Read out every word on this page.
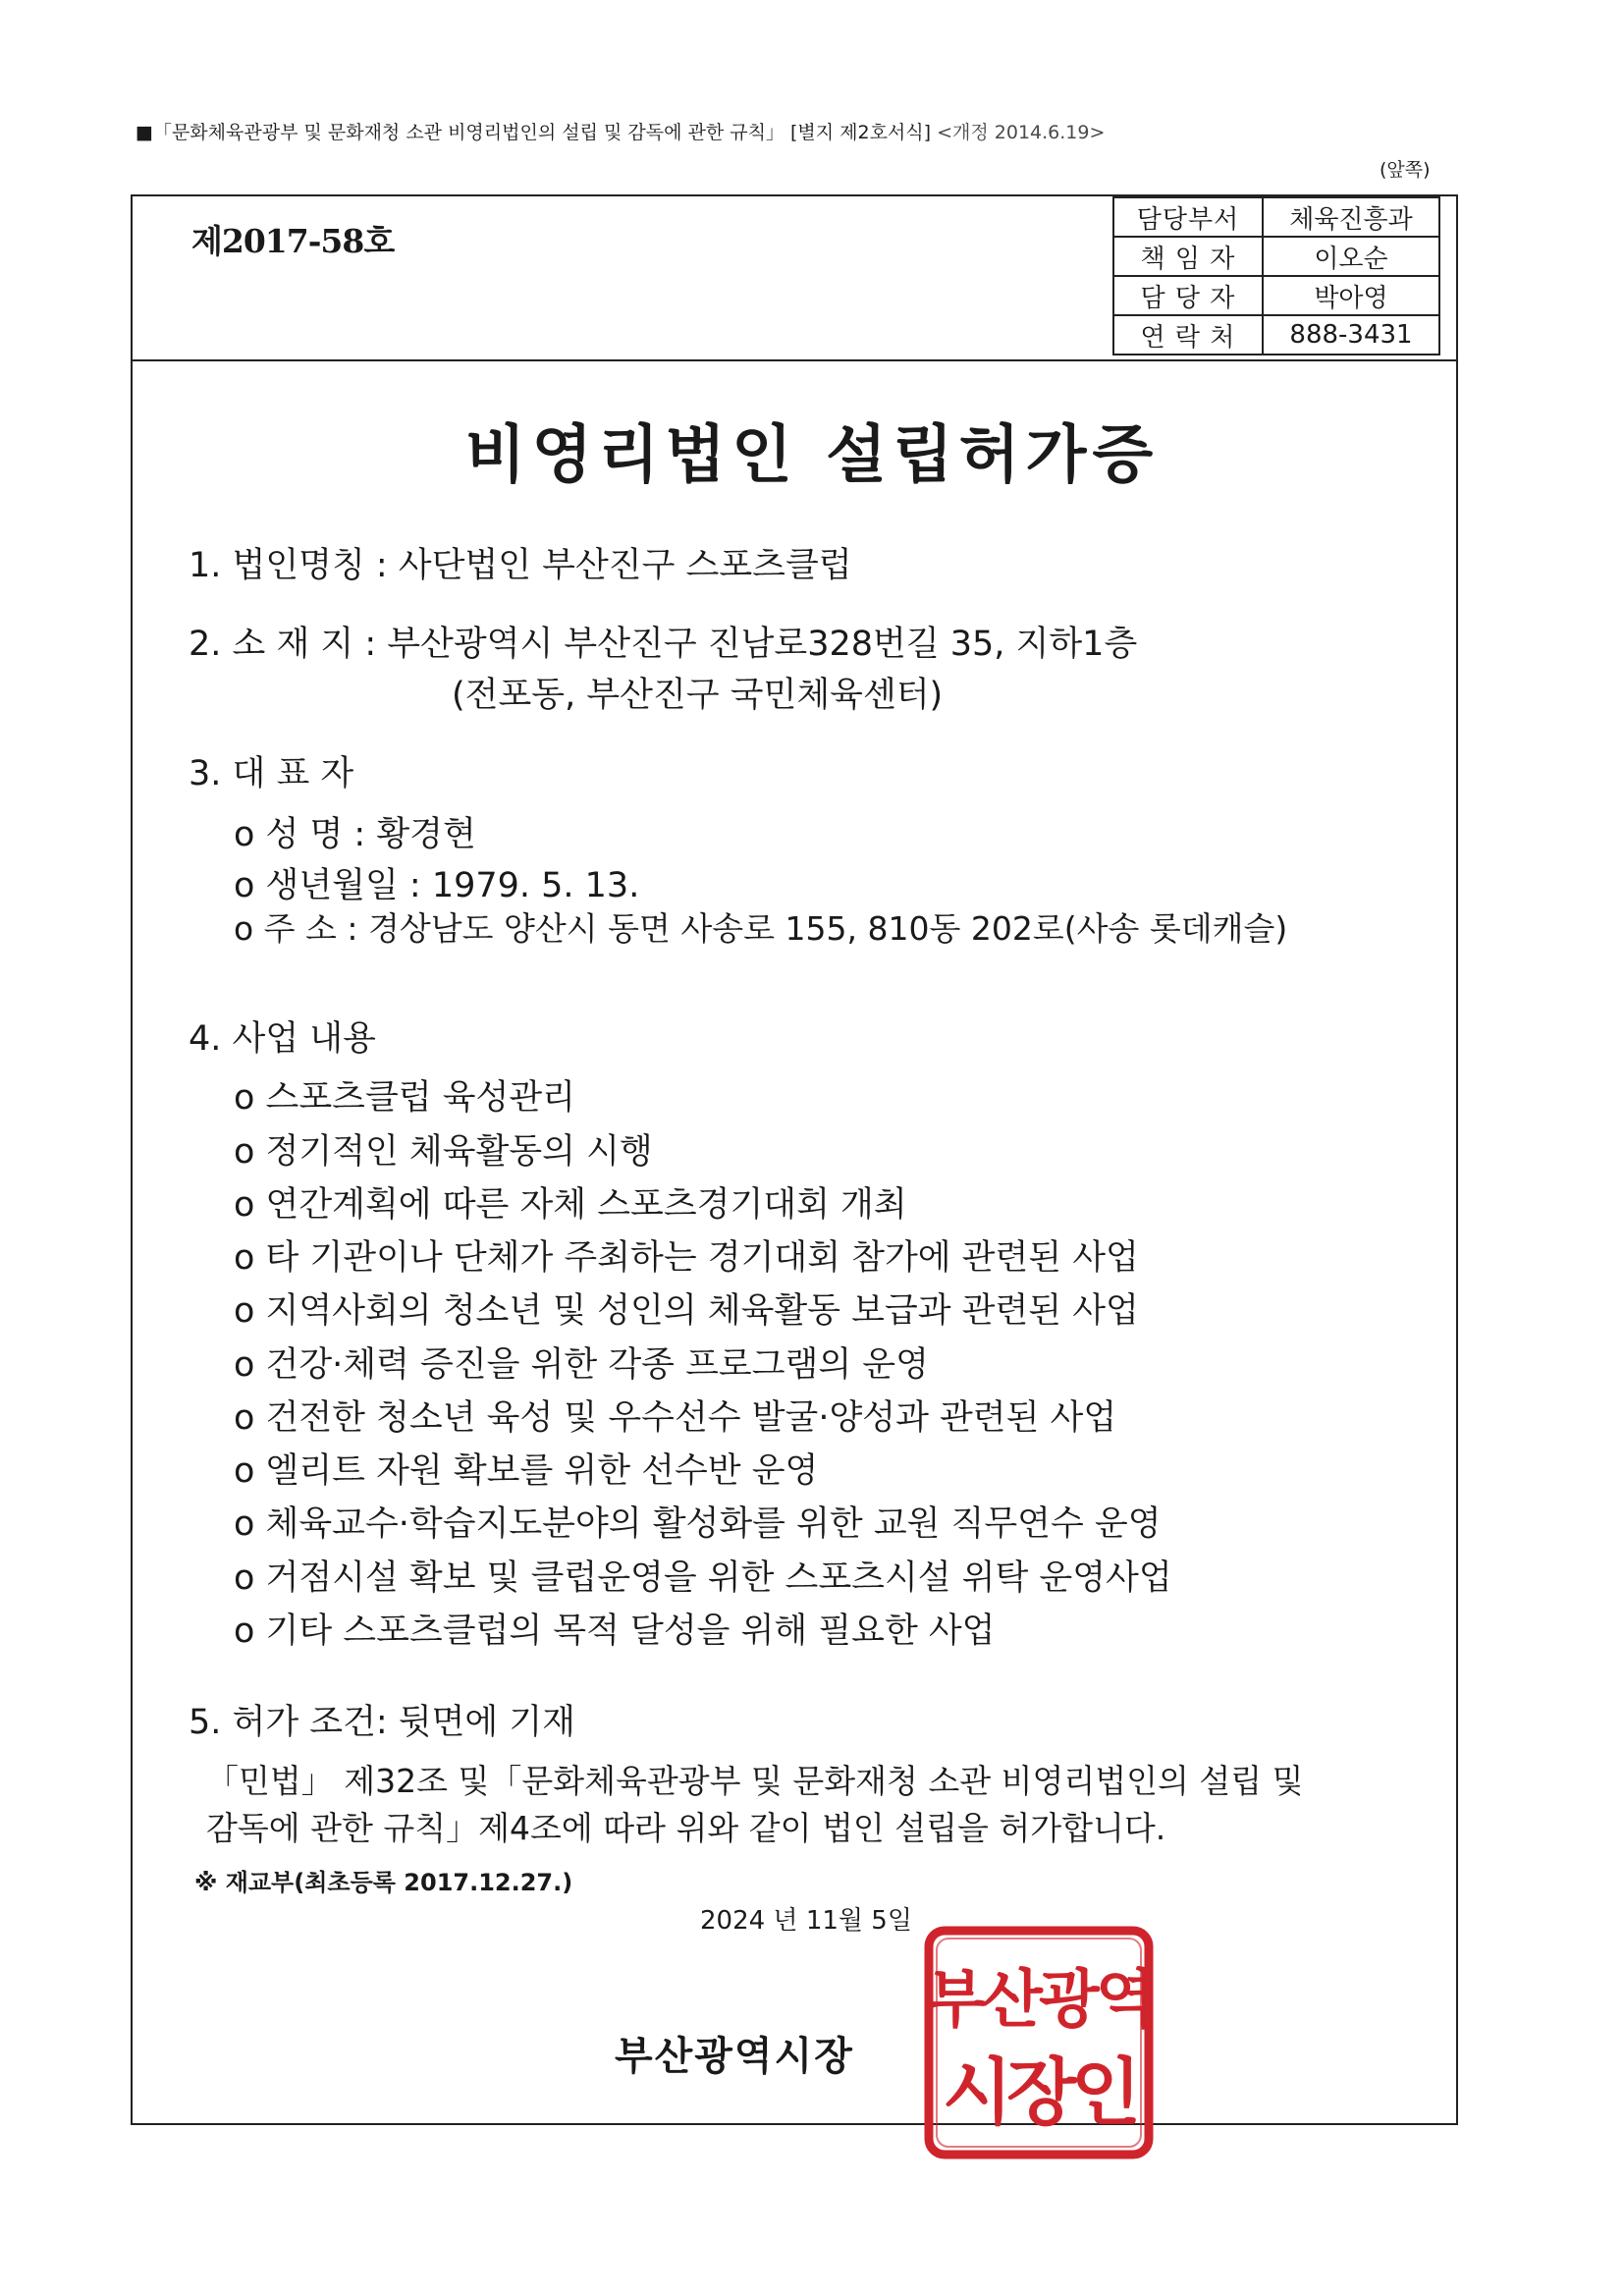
■「문화체육관광부 및 문화재청 소관 비영리법인의 설립 및 감독에 관한 규칙」 [별지 제2호서식] <개정 2014.6.19>
(앞쪽)
제2017-58호
담당부서	체육진흥과
책 임 자	이오순
담 당 자	박아영
연 락 처	888-3431
비영리법인 설립허가증
1. 법인명칭 : 사단법인 부산진구 스포츠클럽
2. 소 재 지 : 부산광역시 부산진구 진남로328번길 35, 지하1층
(전포동, 부산진구 국민체육센터)
3. 대 표 자
o 성 명 : 황경현
o 생년월일 : 1979. 5. 13.
o 주 소 : 경상남도 양산시 동면 사송로 155, 810동 202로(사송 롯데캐슬)
4. 사업 내용
o 스포츠클럽 육성관리
o 정기적인 체육활동의 시행
o 연간계획에 따른 자체 스포츠경기대회 개최
o 타 기관이나 단체가 주최하는 경기대회 참가에 관련된 사업
o 지역사회의 청소년 및 성인의 체육활동 보급과 관련된 사업
o 건강·체력 증진을 위한 각종 프로그램의 운영
o 건전한 청소년 육성 및 우수선수 발굴·양성과 관련된 사업
o 엘리트 자원 확보를 위한 선수반 운영
o 체육교수·학습지도분야의 활성화를 위한 교원 직무연수 운영
o 거점시설 확보 및 클럽운영을 위한 스포츠시설 위탁 운영사업
o 기타 스포츠클럽의 목적 달성을 위해 필요한 사업
5. 허가 조건: 뒷면에 기재
「민법」 제32조 및「문화체육관광부 및 문화재청 소관 비영리법인의 설립 및
감독에 관한 규칙」제4조에 따라 위와 같이 법인 설립을 허가합니다.
※ 재교부(최초등록 2017.12.27.)
2024 년 11월 5일
부산광역시장
부산광역
시장인
